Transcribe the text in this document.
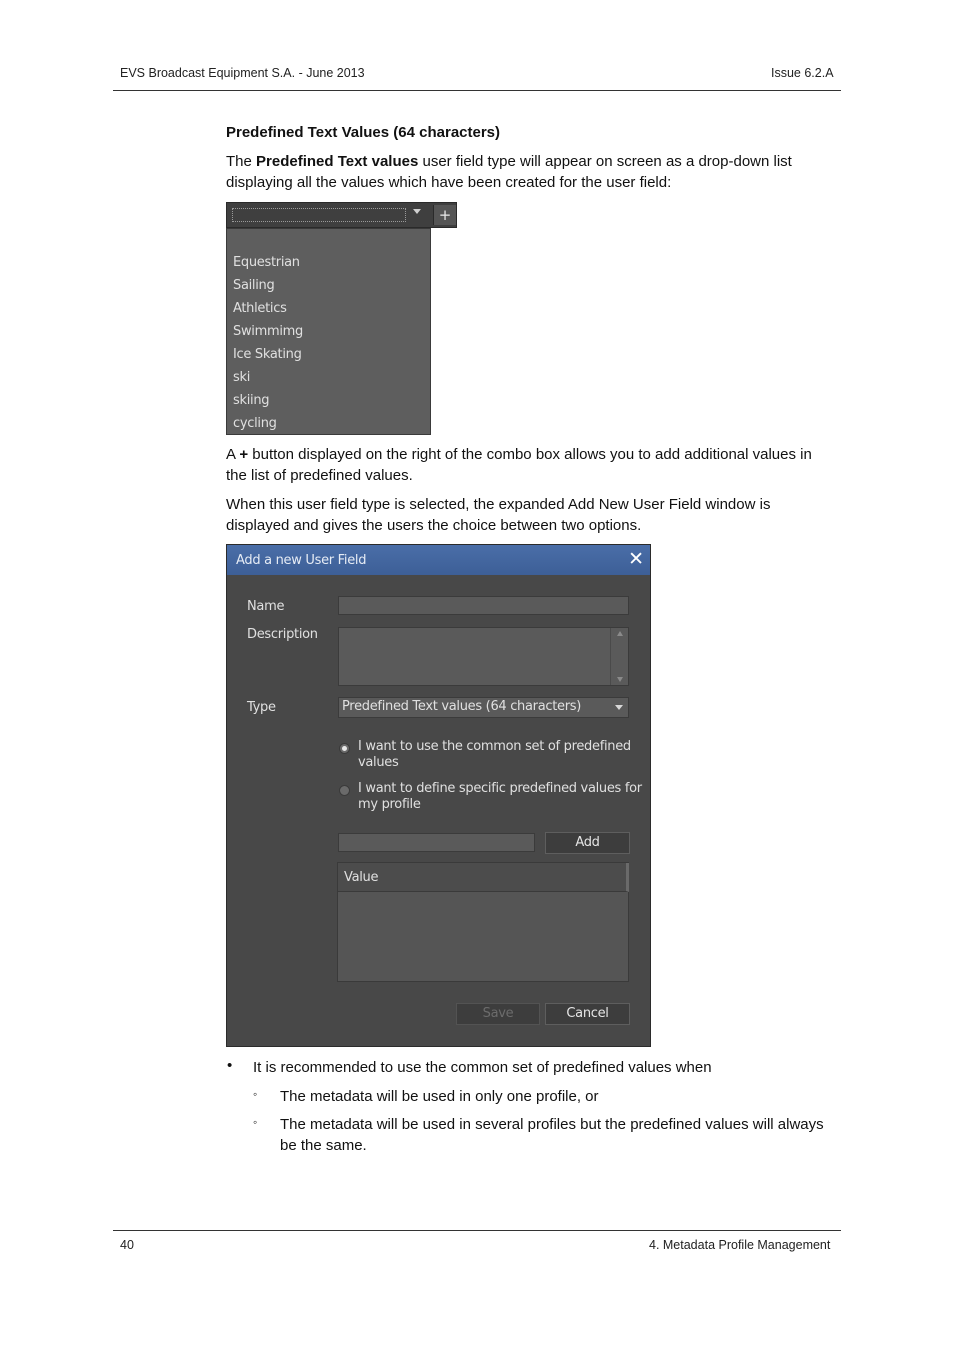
EVS Broadcast Equipment S.A. - June 2013	Issue 6.2.A
Predefined Text Values (64 characters)
The Predefined Text values user field type will appear on screen as a drop-down list
displaying all the values which have been created for the user field:
+
Equestrian
Sailing
Athletics
Swimmimg
Ice Skating
ski
skiing
cycling
A + button displayed on the right of the combo box allows you to add additional values in
the list of predefined values.
When this user field type is selected, the expanded Add New User Field window is
displayed and gives the users the choice between two options.
Add a new User Field	✕
Name
Description
Type	Predefined Text values (64 characters)
I want to use the common set of predefined
values
I want to define specific predefined values for
my profile
Add
Value
Save	Cancel
• It is recommended to use the common set of predefined values when
◦ The metadata will be used in only one profile, or
◦ The metadata will be used in several profiles but the predefined values will always
be the same.
40	4. Metadata Profile Management
